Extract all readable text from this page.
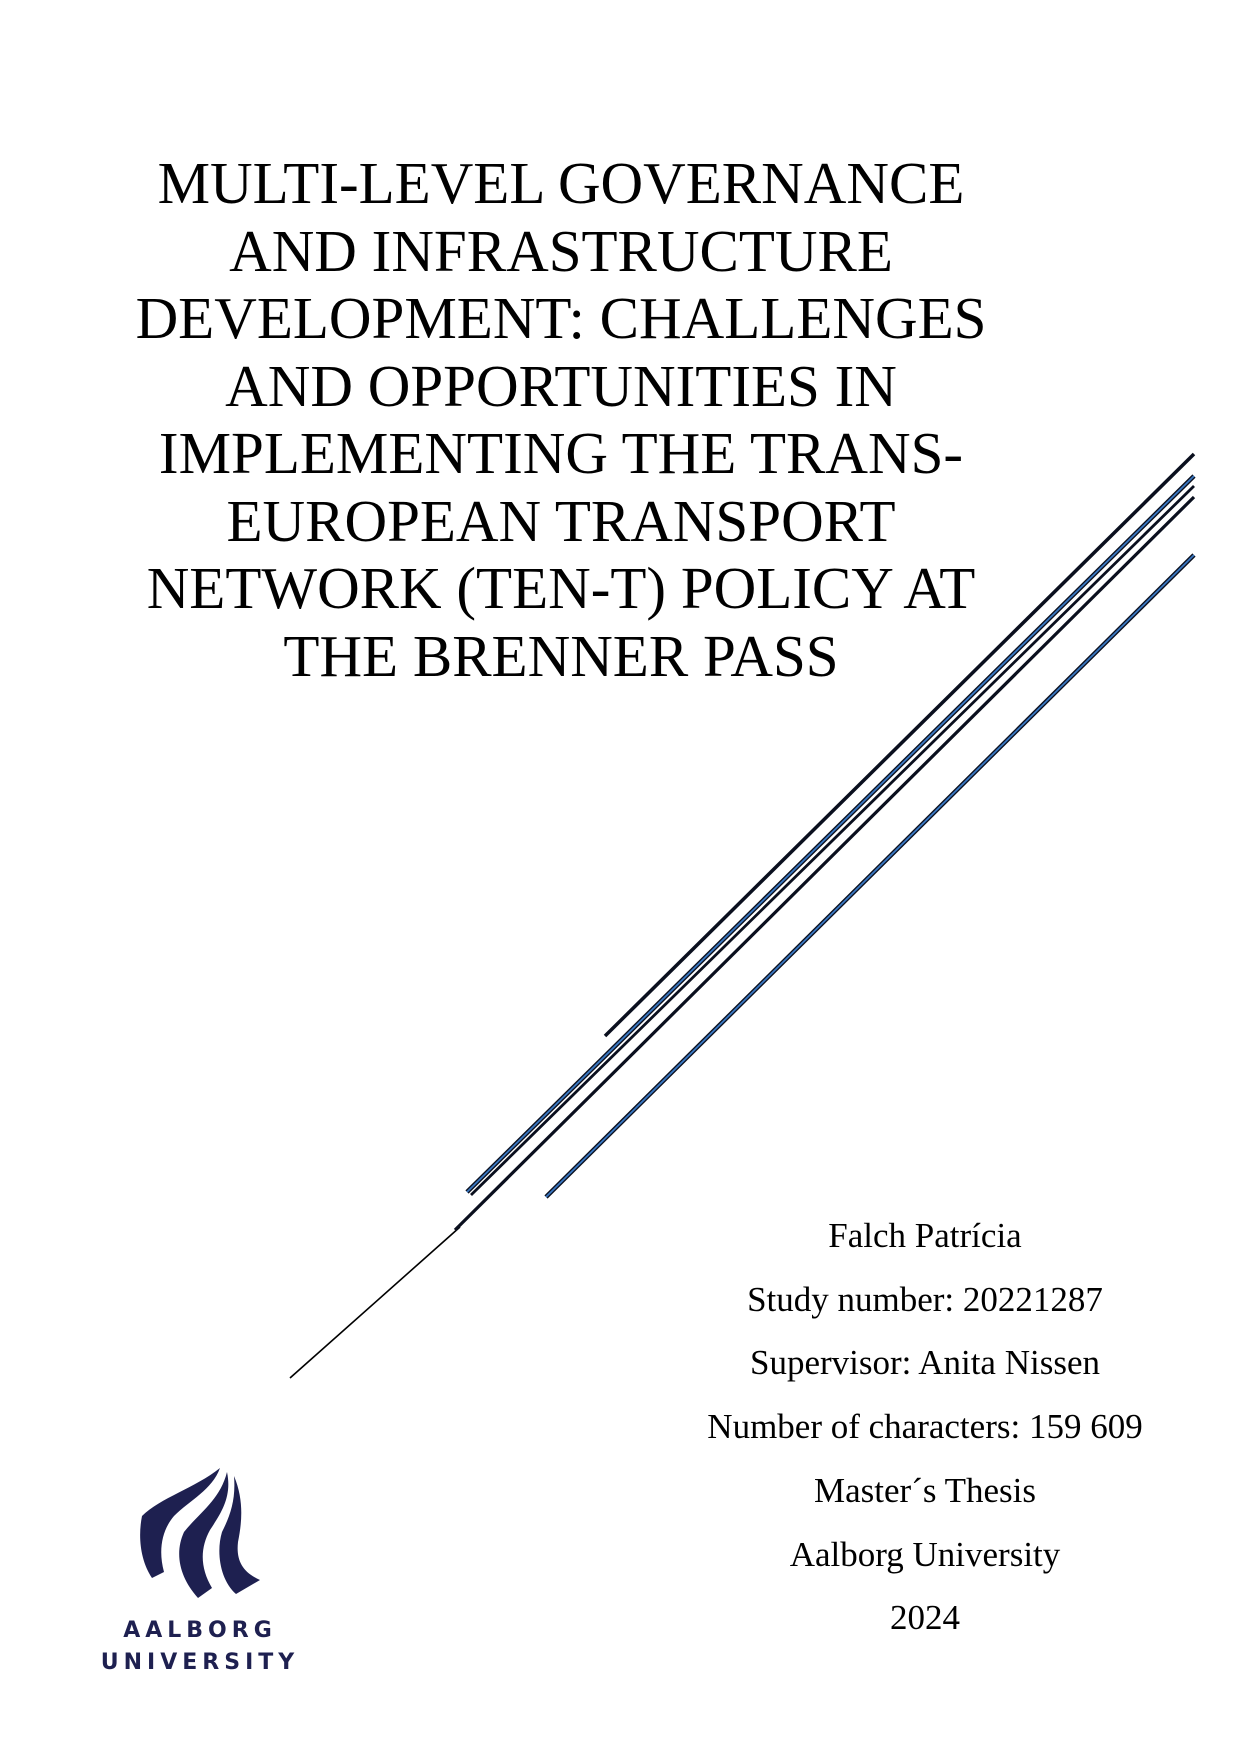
MULTI-LEVEL GOVERNANCE
AND INFRASTRUCTURE
DEVELOPMENT: CHALLENGES
AND OPPORTUNITIES IN
IMPLEMENTING THE TRANS-
EUROPEAN TRANSPORT
NETWORK (TEN-T) POLICY AT
THE BRENNER PASS
Falch Patrícia
Study number: 20221287
Supervisor: Anita Nissen
Number of characters: 159 609
Master´s Thesis
Aalborg University
2024
AALBORG
UNIVERSITY
